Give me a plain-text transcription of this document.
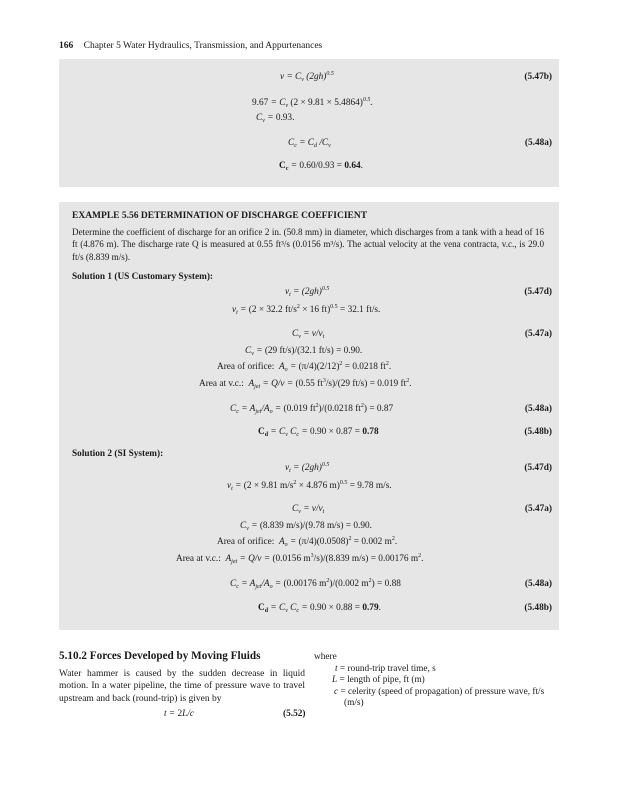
166 Chapter 5 Water Hydraulics, Transmission, and Appurtenances
$v = C_v$ $(2gh)^{0.5}$	(5.47b)
$9.67 = C_v$ $(2 \times 9.81 \times 5.4864)^{0.5}$.
$C_v = 0.93$.
$C_c = C_d$ $/C_v$	(5.48a)
$C_c = 0.60/0.93 = 0.64$.
EXAMPLE 5.56 DETERMINATION OF DISCHARGE COEFFICIENT
Determine the coefficient of discharge for an orifice 2 in. (50.8 mm) in diameter, which discharges from a tank with a head of 16 ft (4.876 m). The discharge rate Q is measured at 0.55 ft³/s (0.0156 m³/s). The actual velocity at the vena contracta, v.c., is 29.0 ft/s (8.839 m/s).
Solution 1 (US Customary System):
$v_t = (2gh)^{0.5}$	(5.47d)
$v_t = (2 \times 32.2$ $ft/s^2 \times 16$ ft)$^{0.5}$ = 32.1 ft/s.
$C_v = v/v_t$	(5.47a)
$C_v = (29$ ft/s)/(32.1 ft/s) = 0.90.
Area of orifice:  $A_o = (\pi/4)(2/12)^2 = 0.0218$ $ft^2$.
Area at v.c.:  $A_{jet} = Q/v = (0.55$ $ft^3/s)/(29$ ft/s) = 0.019 $ft^2$.
$C_c = A_{jet}/A_o = (0.019$ $ft^2)/(0.0218$ $ft^2) = 0.87$	(5.48a)
$C_d = C_v$ $C_c = 0.90 \times 0.87 = 0.78$	(5.48b)
Solution 2 (SI System):
$v_t = (2gh)^{0.5}$	(5.47d)
$v_t = (2 \times 9.81$ $m/s^2 \times 4.876$ m)$^{0.5}$ = 9.78 m/s.
$C_v = v/v_t$	(5.47a)
$C_v = (8.839$ m/s)/(9.78 m/s) = 0.90.
Area of orifice:  $A_o = (\pi/4)(0.0508)^2 = 0.002$ $m^2$.
Area at v.c.:  $A_{jet} = Q/v = (0.0156$ $m^3/s)/(8.839$ m/s) = 0.00176 $m^2$.
$C_c = A_{jet}/A_o = (0.00176$ $m^2)/(0.002$ $m^2) = 0.88$	(5.48a)
$C_d = C_v$ $C_c = 0.90 \times 0.88 = 0.79$.	(5.48b)
5.10.2 Forces Developed by Moving Fluids
Water hammer is caused by the sudden decrease in liquid motion. In a water pipeline, the time of pressure wave to travel upstream and back (round-trip) is given by
t = 2L/c	(5.52)
where
t = round-trip travel time, s
L = length of pipe, ft (m)
c = celerity (speed of propagation) of pressure wave, ft/s
(m/s)
